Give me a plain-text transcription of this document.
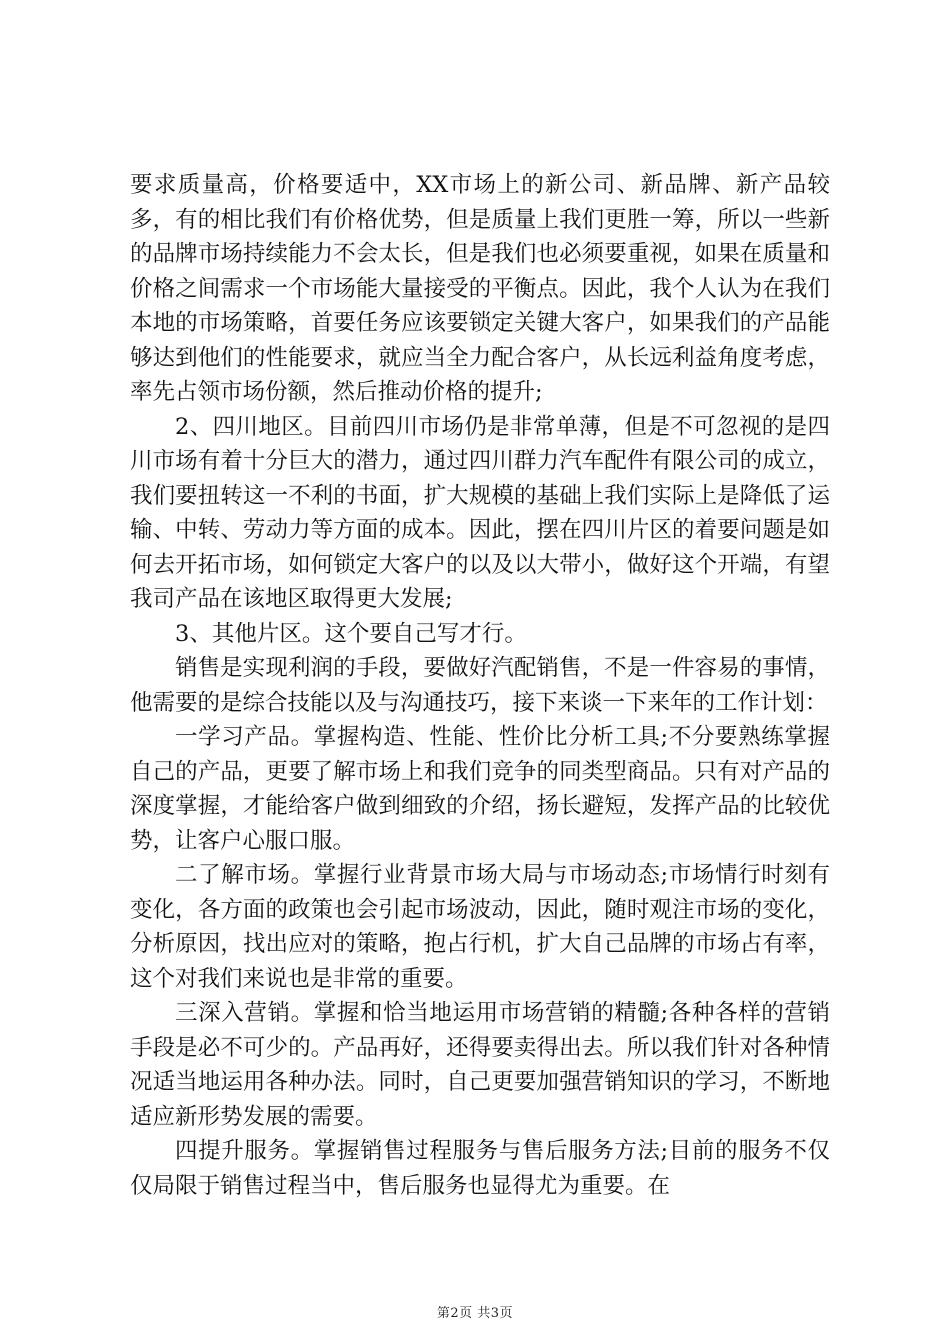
要求质量高，价格要适中，XX市场上的新公司、新品牌、新产品较多，有的相比我们有价格优势，但是质量上我们更胜一筹，所以一些新的品牌市场持续能力不会太长，但是我们也必须要重视，如果在质量和价格之间需求一个市场能大量接受的平衡点。因此，我个人认为在我们本地的市场策略，首要任务应该要锁定关键大客户，如果我们的产品能够达到他们的性能要求，就应当全力配合客户，从长远利益角度考虑，率先占领市场份额，然后推动价格的提升;

2、四川地区。目前四川市场仍是非常单薄，但是不可忽视的是四川市场有着十分巨大的潜力，通过四川群力汽车配件有限公司的成立，我们要扭转这一不利的书面，扩大规模的基础上我们实际上是降低了运输、中转、劳动力等方面的成本。因此，摆在四川片区的着要问题是如何去开拓市场，如何锁定大客户的以及以大带小，做好这个开端，有望我司产品在该地区取得更大发展;

3、其他片区。这个要自己写才行。

销售是实现利润的手段，要做好汽配销售，不是一件容易的事情，他需要的是综合技能以及与沟通技巧，接下来谈一下来年的工作计划：

一学习产品。掌握构造、性能、性价比分析工具;不分要熟练掌握自己的产品，更要了解市场上和我们竞争的同类型商品。只有对产品的深度掌握，才能给客户做到细致的介绍，扬长避短，发挥产品的比较优势，让客户心服口服。

二了解市场。掌握行业背景市场大局与市场动态;市场情行时刻有变化，各方面的政策也会引起市场波动，因此，随时观注市场的变化，分析原因，找出应对的策略，抱占行机，扩大自己品牌的市场占有率，这个对我们来说也是非常的重要。

三深入营销。掌握和恰当地运用市场营销的精髓;各种各样的营销手段是必不可少的。产品再好，还得要卖得出去。所以我们针对各种情况适当地运用各种办法。同时，自己更要加强营销知识的学习，不断地适应新形势发展的需要。

四提升服务。掌握销售过程服务与售后服务方法;目前的服务不仅仅局限于销售过程当中，售后服务也显得尤为重要。在

第2页 共3页
